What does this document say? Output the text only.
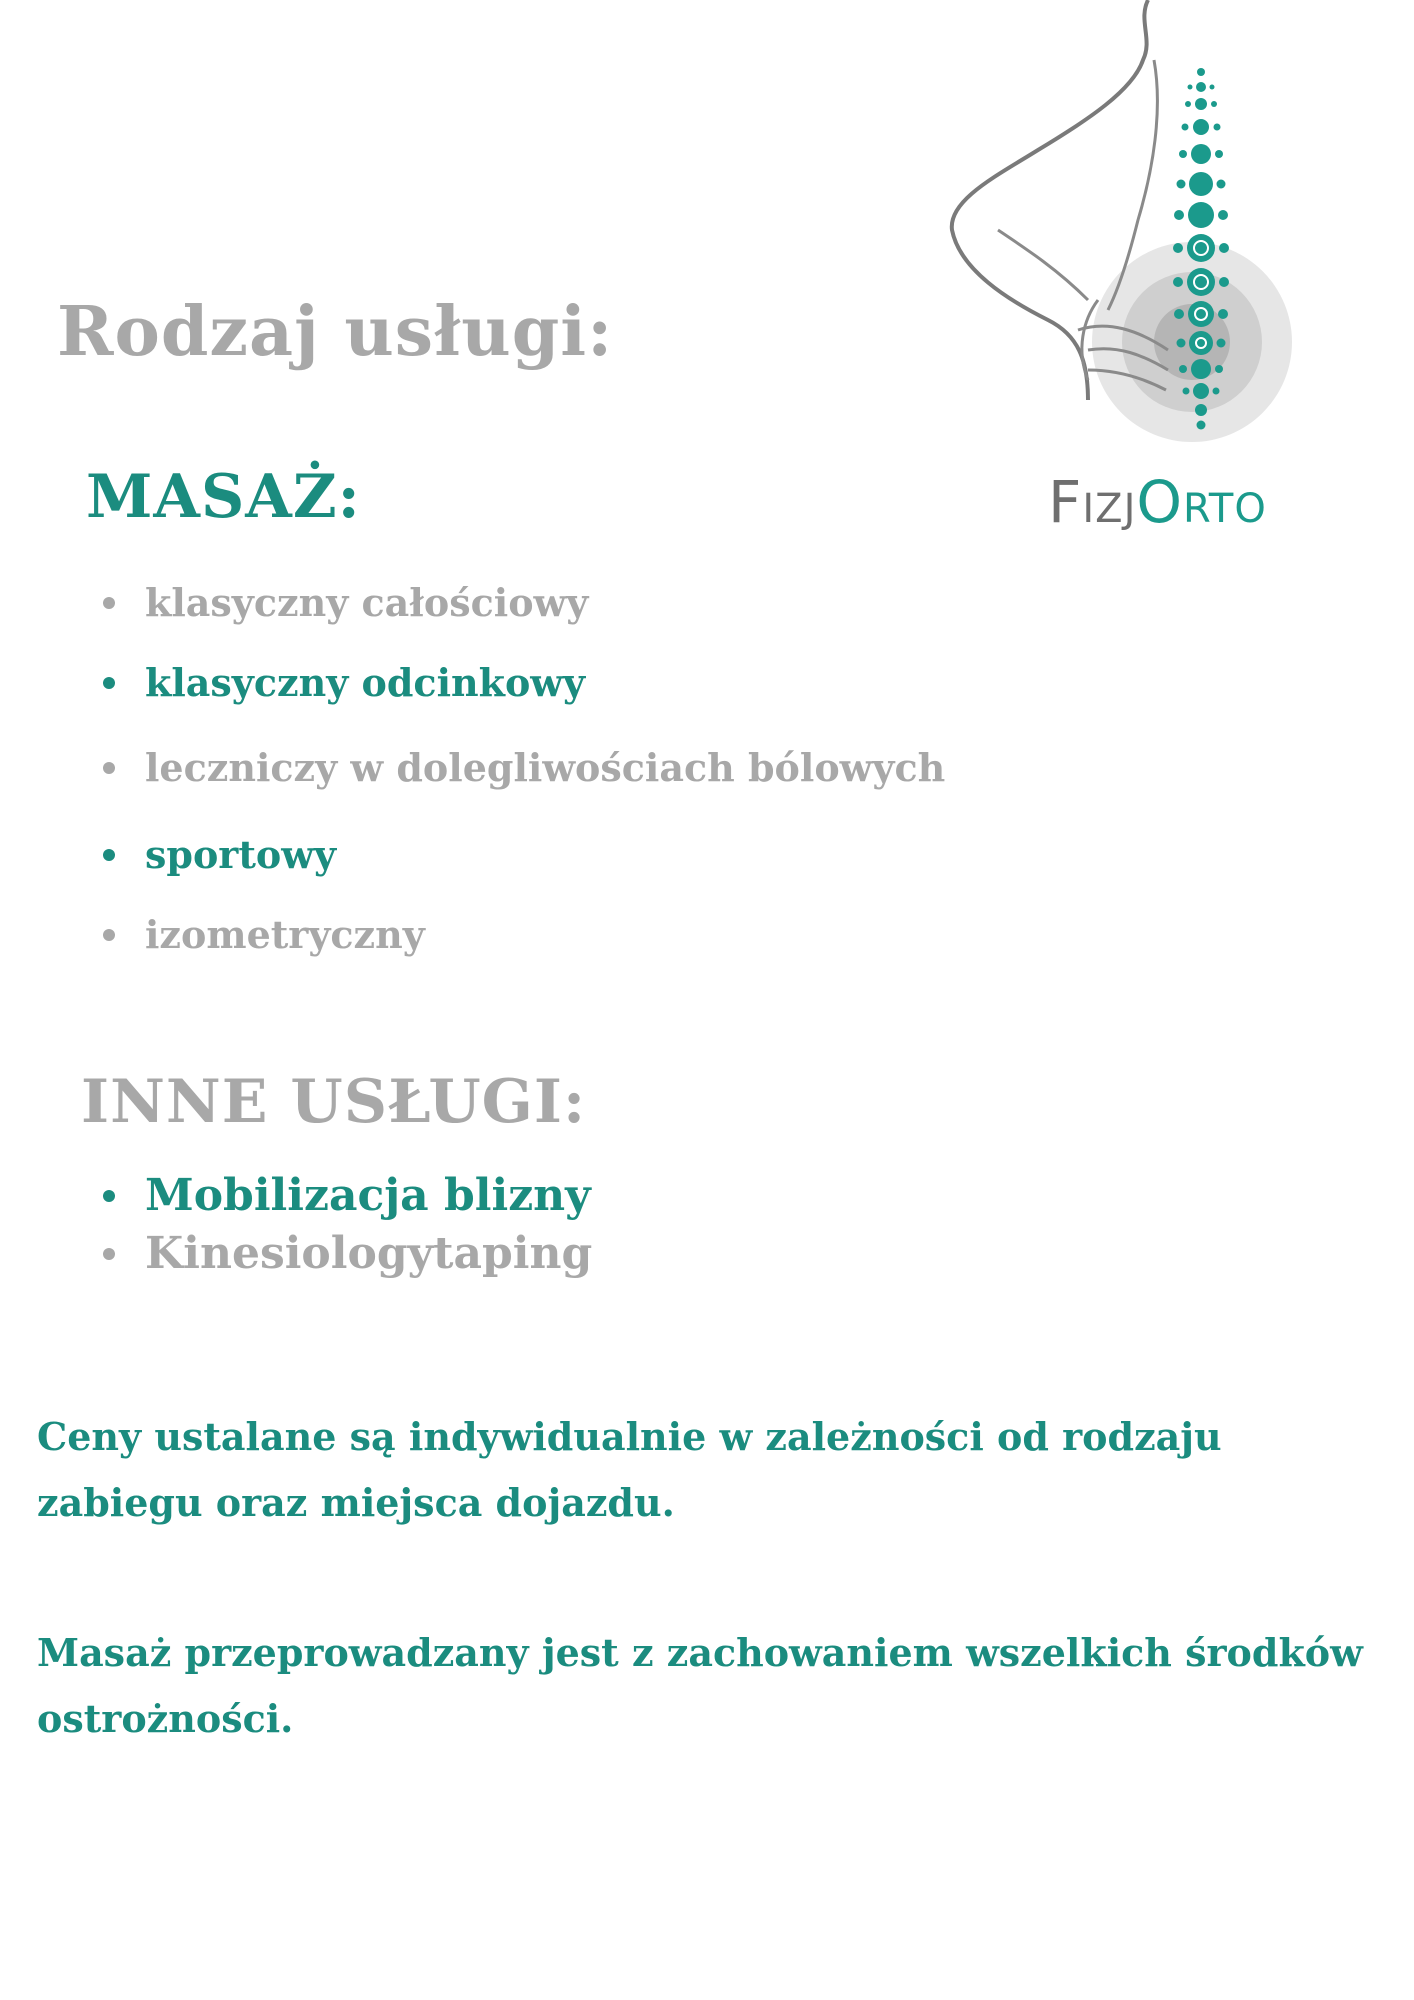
FIZJORTO
Rodzaj usługi:
MASAŻ:
klasyczny całościowy
klasyczny odcinkowy
leczniczy w dolegliwościach bólowych
sportowy
izometryczny
INNE USŁUGI:
Mobilizacja blizny
Kinesiologytaping

Ceny ustalane są indywidualnie w zależności od rodzaju zabiegu oraz miejsca dojazdu.

Masaż przeprowadzany jest z zachowaniem wszelkich środków ostrożności.
